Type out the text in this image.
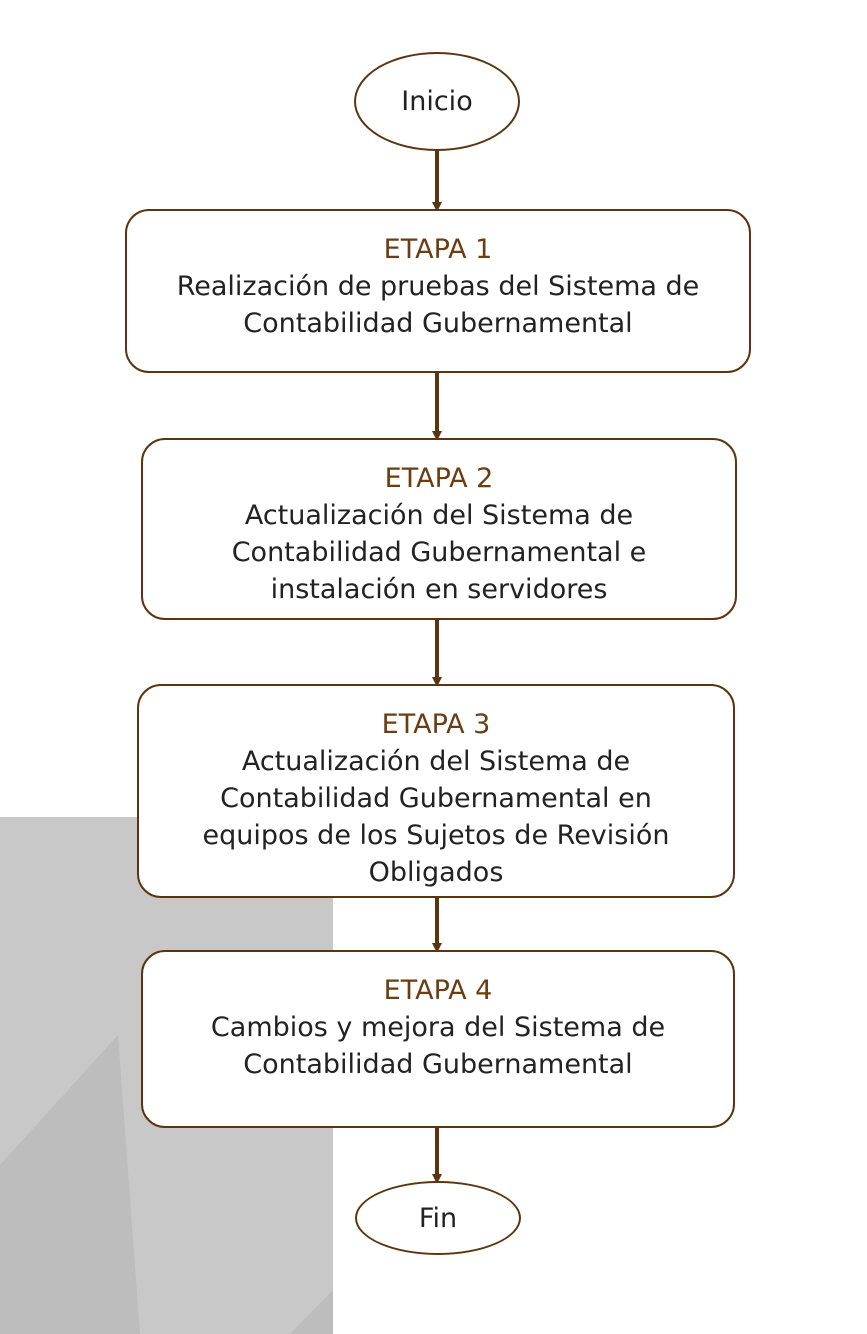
Inicio
ETAPA 1
Realización de pruebas del Sistema de
Contabilidad Gubernamental
ETAPA 2
Actualización del Sistema de
Contabilidad Gubernamental e
instalación en servidores
ETAPA 3
Actualización del Sistema de
Contabilidad Gubernamental en
equipos de los Sujetos de Revisión
Obligados
ETAPA 4
Cambios y mejora del Sistema de
Contabilidad Gubernamental
Fin
